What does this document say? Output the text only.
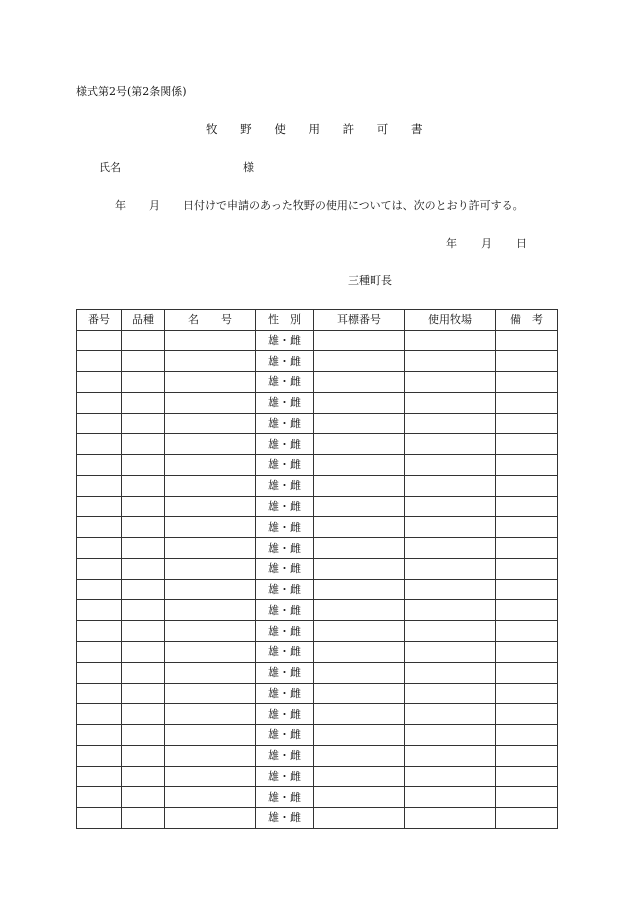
様式第2号(第2条関係)
牧 野 使 用 許 可 書
氏名	様
年 月 日付けで申請のあった牧野の使用については、次のとおり許可する。
年 月 日
三種町長
番号	品種	名　　号	性　別	耳標番号	使用牧場	備　考
			雄・雌			
			雄・雌			
			雄・雌			
			雄・雌			
			雄・雌			
			雄・雌			
			雄・雌			
			雄・雌			
			雄・雌			
			雄・雌			
			雄・雌			
			雄・雌			
			雄・雌			
			雄・雌			
			雄・雌			
			雄・雌			
			雄・雌			
			雄・雌			
			雄・雌			
			雄・雌			
			雄・雌			
			雄・雌			
			雄・雌			
			雄・雌			
